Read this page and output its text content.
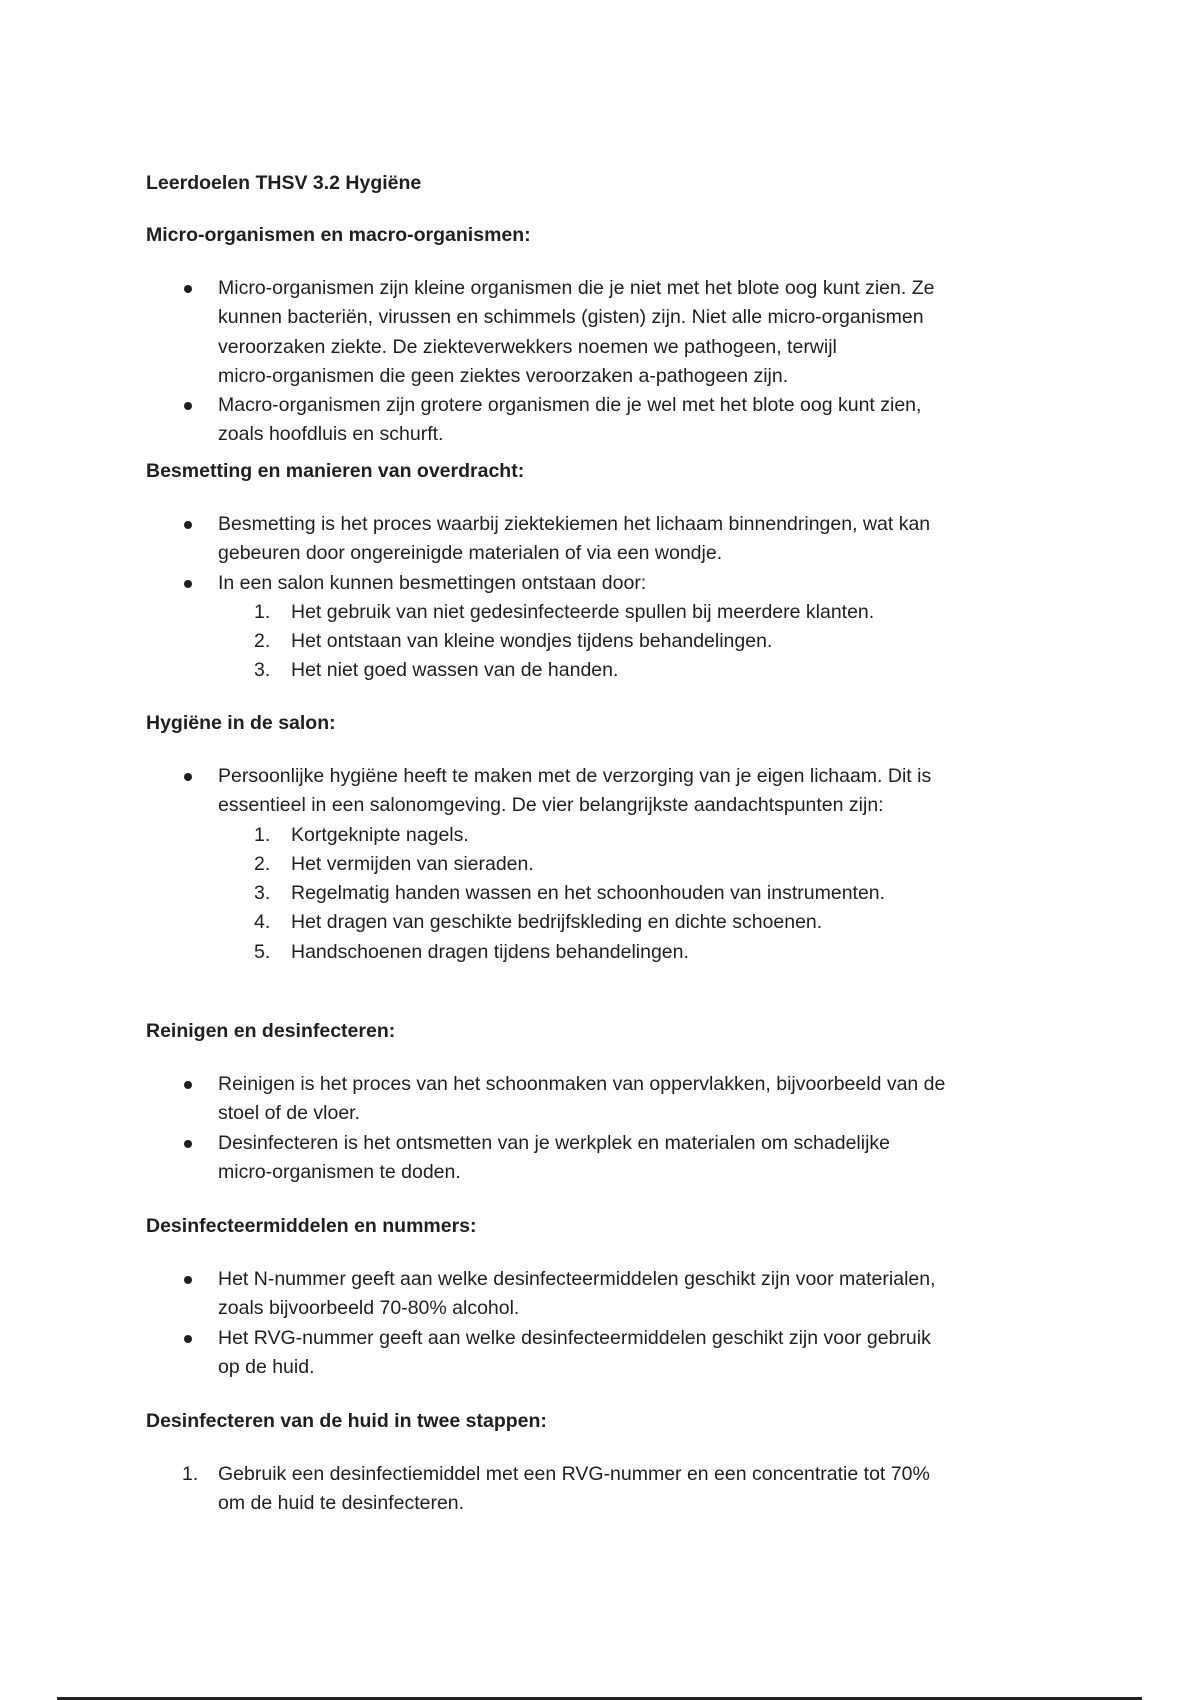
Leerdoelen THSV 3.2 Hygiëne
Micro-organismen en macro-organismen:
Micro-organismen zijn kleine organismen die je niet met het blote oog kunt zien. Ze
kunnen bacteriën, virussen en schimmels (gisten) zijn. Niet alle micro-organismen
veroorzaken ziekte. De ziekteverwekkers noemen we pathogeen, terwijl
micro-organismen die geen ziektes veroorzaken a-pathogeen zijn.
Macro-organismen zijn grotere organismen die je wel met het blote oog kunt zien,
zoals hoofdluis en schurft.
Besmetting en manieren van overdracht:
Besmetting is het proces waarbij ziektekiemen het lichaam binnendringen, wat kan
gebeuren door ongereinigde materialen of via een wondje.
In een salon kunnen besmettingen ontstaan door:
1. Het gebruik van niet gedesinfecteerde spullen bij meerdere klanten.
2. Het ontstaan van kleine wondjes tijdens behandelingen.
3. Het niet goed wassen van de handen.
Hygiëne in de salon:
Persoonlijke hygiëne heeft te maken met de verzorging van je eigen lichaam. Dit is
essentieel in een salonomgeving. De vier belangrijkste aandachtspunten zijn:
1. Kortgeknipte nagels.
2. Het vermijden van sieraden.
3. Regelmatig handen wassen en het schoonhouden van instrumenten.
4. Het dragen van geschikte bedrijfskleding en dichte schoenen.
5. Handschoenen dragen tijdens behandelingen.
Reinigen en desinfecteren:
Reinigen is het proces van het schoonmaken van oppervlakken, bijvoorbeeld van de
stoel of de vloer.
Desinfecteren is het ontsmetten van je werkplek en materialen om schadelijke
micro-organismen te doden.
Desinfecteermiddelen en nummers:
Het N-nummer geeft aan welke desinfecteermiddelen geschikt zijn voor materialen,
zoals bijvoorbeeld 70-80% alcohol.
Het RVG-nummer geeft aan welke desinfecteermiddelen geschikt zijn voor gebruik
op de huid.
Desinfecteren van de huid in twee stappen:
1. Gebruik een desinfectiemiddel met een RVG-nummer en een concentratie tot 70%
om de huid te desinfecteren.
